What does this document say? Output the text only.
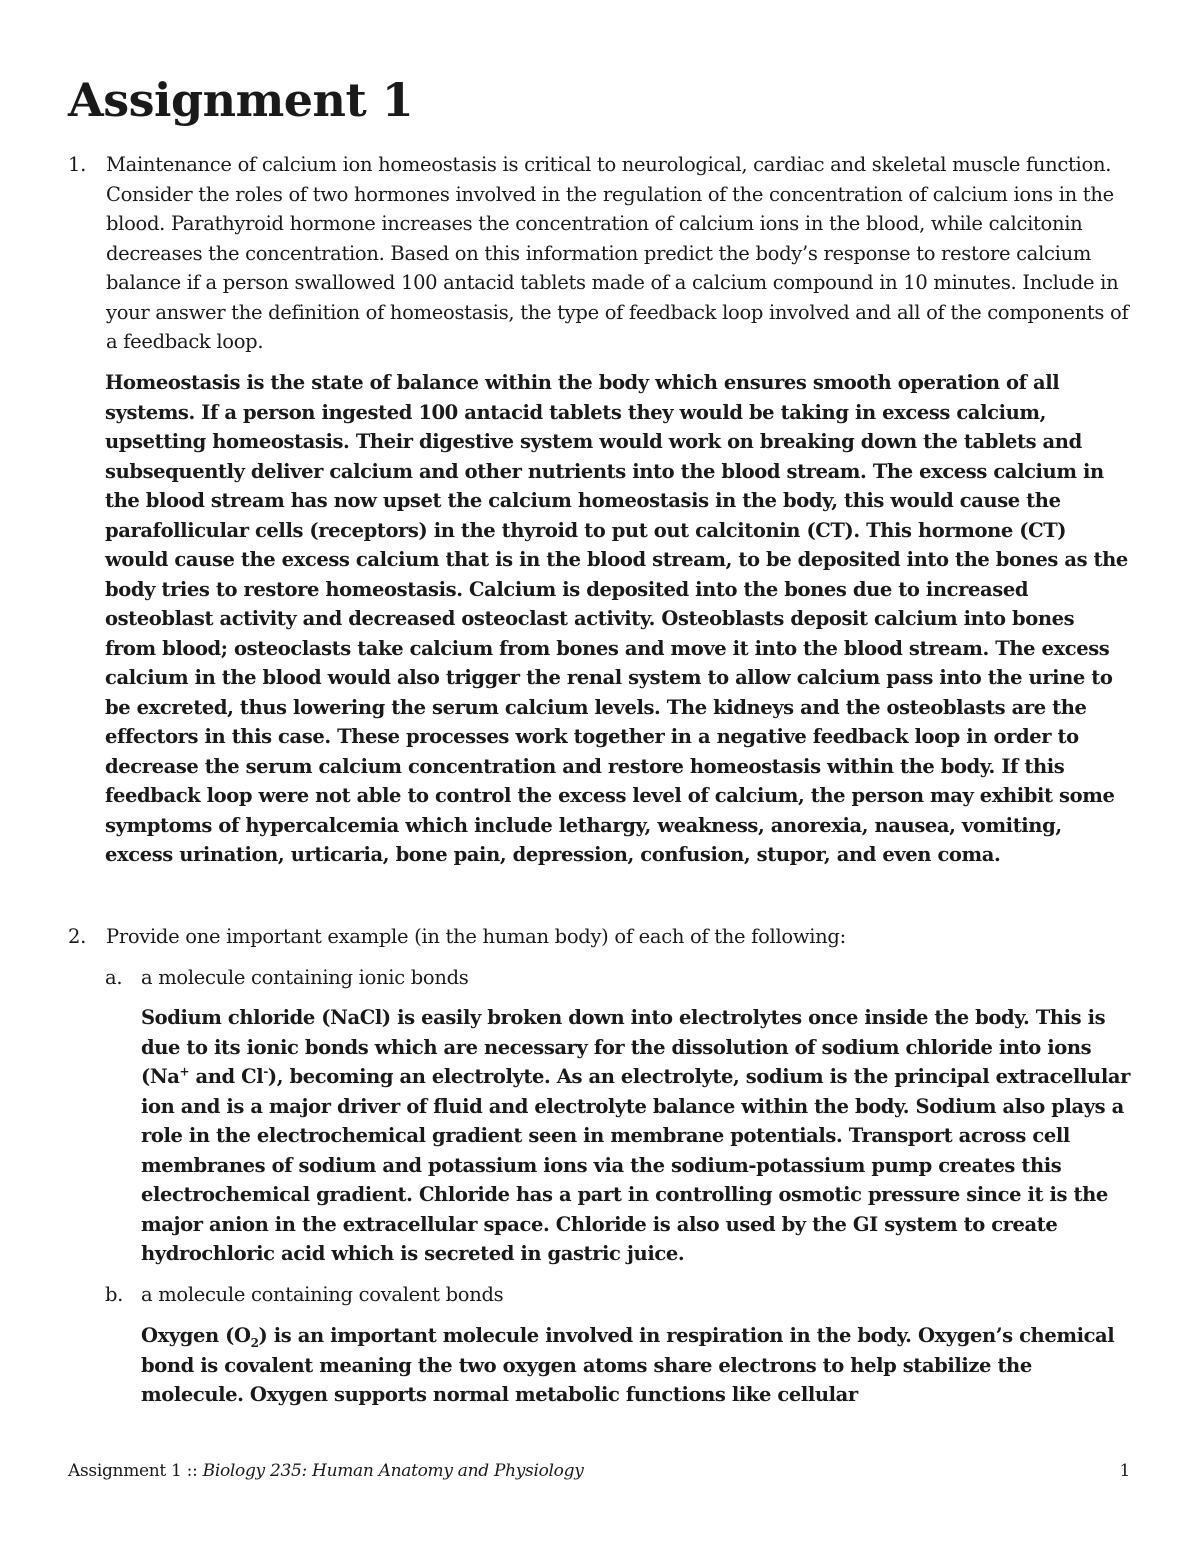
Assignment 1
1. Maintenance of calcium ion homeostasis is critical to neurological, cardiac and skeletal muscle function. Consider the roles of two hormones involved in the regulation of the concentration of calcium ions in the blood. Parathyroid hormone increases the concentration of calcium ions in the blood, while calcitonin decreases the concentration. Based on this information predict the body’s response to restore calcium balance if a person swallowed 100 antacid tablets made of a calcium compound in 10 minutes. Include in your answer the definition of homeostasis, the type of feedback loop involved and all of the components of a feedback loop.

Homeostasis is the state of balance within the body which ensures smooth operation of all systems. If a person ingested 100 antacid tablets they would be taking in excess calcium, upsetting homeostasis. Their digestive system would work on breaking down the tablets and subsequently deliver calcium and other nutrients into the blood stream. The excess calcium in the blood stream has now upset the calcium homeostasis in the body, this would cause the parafollicular cells (receptors) in the thyroid to put out calcitonin (CT). This hormone (CT) would cause the excess calcium that is in the blood stream, to be deposited into the bones as the body tries to restore homeostasis. Calcium is deposited into the bones due to increased osteoblast activity and decreased osteoclast activity. Osteoblasts deposit calcium into bones from blood; osteoclasts take calcium from bones and move it into the blood stream. The excess calcium in the blood would also trigger the renal system to allow calcium pass into the urine to be excreted, thus lowering the serum calcium levels. The kidneys and the osteoblasts are the effectors in this case. These processes work together in a negative feedback loop in order to decrease the serum calcium concentration and restore homeostasis within the body. If this feedback loop were not able to control the excess level of calcium, the person may exhibit some symptoms of hypercalcemia which include lethargy, weakness, anorexia, nausea, vomiting, excess urination, urticaria, bone pain, depression, confusion, stupor, and even coma.

2. Provide one important example (in the human body) of each of the following:
a. a molecule containing ionic bonds

Sodium chloride (NaCl) is easily broken down into electrolytes once inside the body. This is due to its ionic bonds which are necessary for the dissolution of sodium chloride into ions (Na+ and Cl-), becoming an electrolyte. As an electrolyte, sodium is the principal extracellular ion and is a major driver of fluid and electrolyte balance within the body. Sodium also plays a role in the electrochemical gradient seen in membrane potentials. Transport across cell membranes of sodium and potassium ions via the sodium-potassium pump creates this electrochemical gradient. Chloride has a part in controlling osmotic pressure since it is the major anion in the extracellular space. Chloride is also used by the GI system to create hydrochloric acid which is secreted in gastric juice.

b. a molecule containing covalent bonds

Oxygen $(O_2)$ is an important molecule involved in respiration in the body. Oxygen’s chemical bond is covalent meaning the two oxygen atoms share electrons to help stabilize the molecule. Oxygen supports normal metabolic functions like cellular

Assignment 1 :: Biology 235: Human Anatomy and Physiology	1
